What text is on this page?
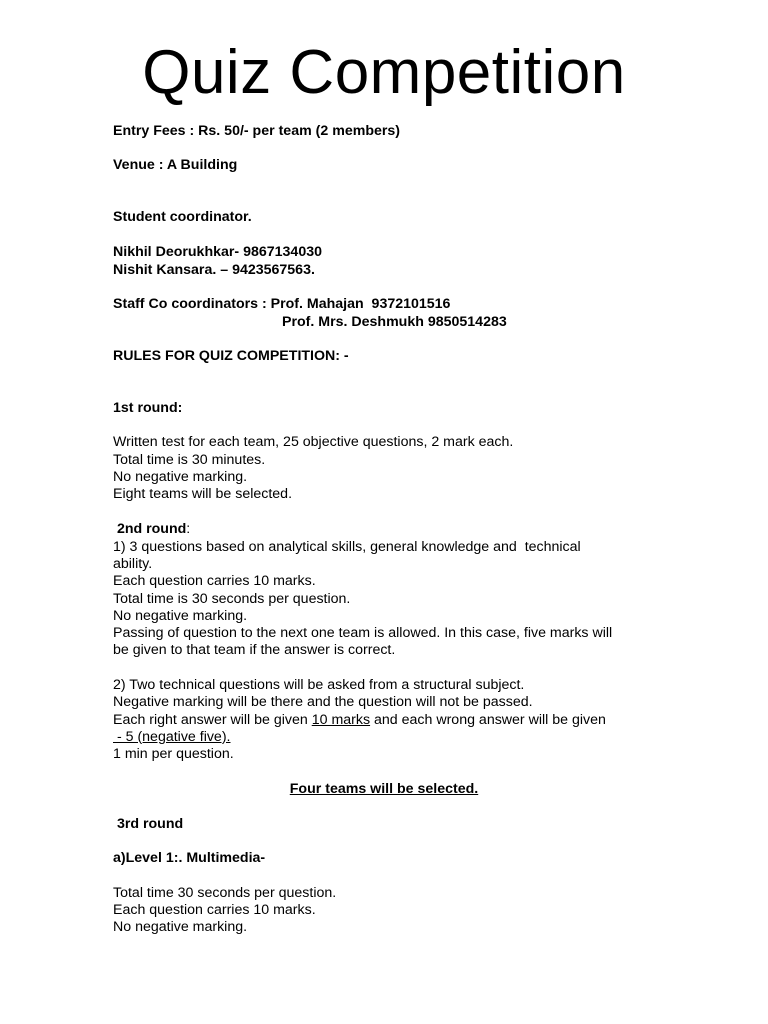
Quiz Competition

Entry Fees : Rs. 50/- per team (2 members)

Venue : A Building

Student coordinator.

Nikhil Deorukhkar- 9867134030

Nishit Kansara. – 9423567563.

Staff Co coordinators : Prof. Mahajan  9372101516

Prof. Mrs. Deshmukh 9850514283

RULES FOR QUIZ COMPETITION: -

1st round:

Written test for each team, 25 objective questions, 2 mark each.

Total time is 30 minutes.

No negative marking.

Eight teams will be selected.

2nd round:

1) 3 questions based on analytical skills, general knowledge and  technical

ability.

Each question carries 10 marks.

Total time is 30 seconds per question.

No negative marking.

Passing of question to the next one team is allowed. In this case, five marks will

be given to that team if the answer is correct.

2) Two technical questions will be asked from a structural subject.

Negative marking will be there and the question will not be passed.

Each right answer will be given 10 marks and each wrong answer will be given

- 5 (negative five).

1 min per question.

Four teams will be selected.

3rd round

a)Level 1:. Multimedia-

Total time 30 seconds per question.

Each question carries 10 marks.

No negative marking.
